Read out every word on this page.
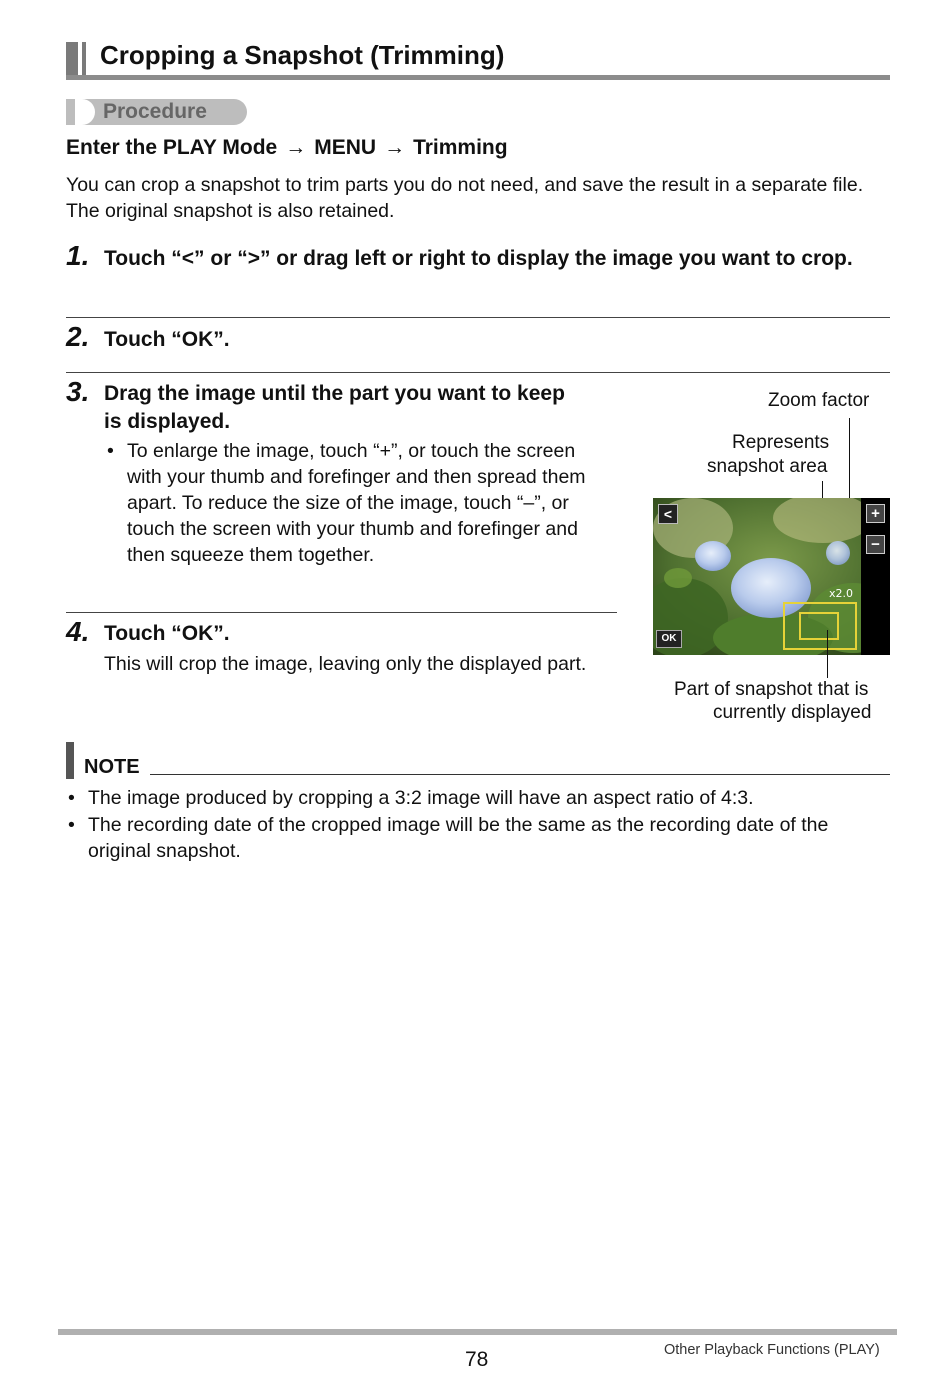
Cropping a Snapshot (Trimming)
Procedure
Enter the PLAY Mode → MENU → Trimming
You can crop a snapshot to trim parts you do not need, and save the result in a separate file. The original snapshot is also retained.
1. Touch “<” or “>” or drag left or right to display the image you want to crop.
2. Touch “OK”.
3. Drag the image until the part you want to keep is displayed.
• To enlarge the image, touch “+”, or touch the screen with your thumb and forefinger and then spread them apart. To reduce the size of the image, touch “–”, or touch the screen with your thumb and forefinger and then squeeze them together.
4. Touch “OK”.
This will crop the image, leaving only the displayed part.
Zoom factor
Represents
snapshot area
<	+
−
x2.0
OK
Part of snapshot that is
currently displayed
NOTE
• The image produced by cropping a 3:2 image will have an aspect ratio of 4:3.
• The recording date of the cropped image will be the same as the recording date of the original snapshot.
78	Other Playback Functions (PLAY)
